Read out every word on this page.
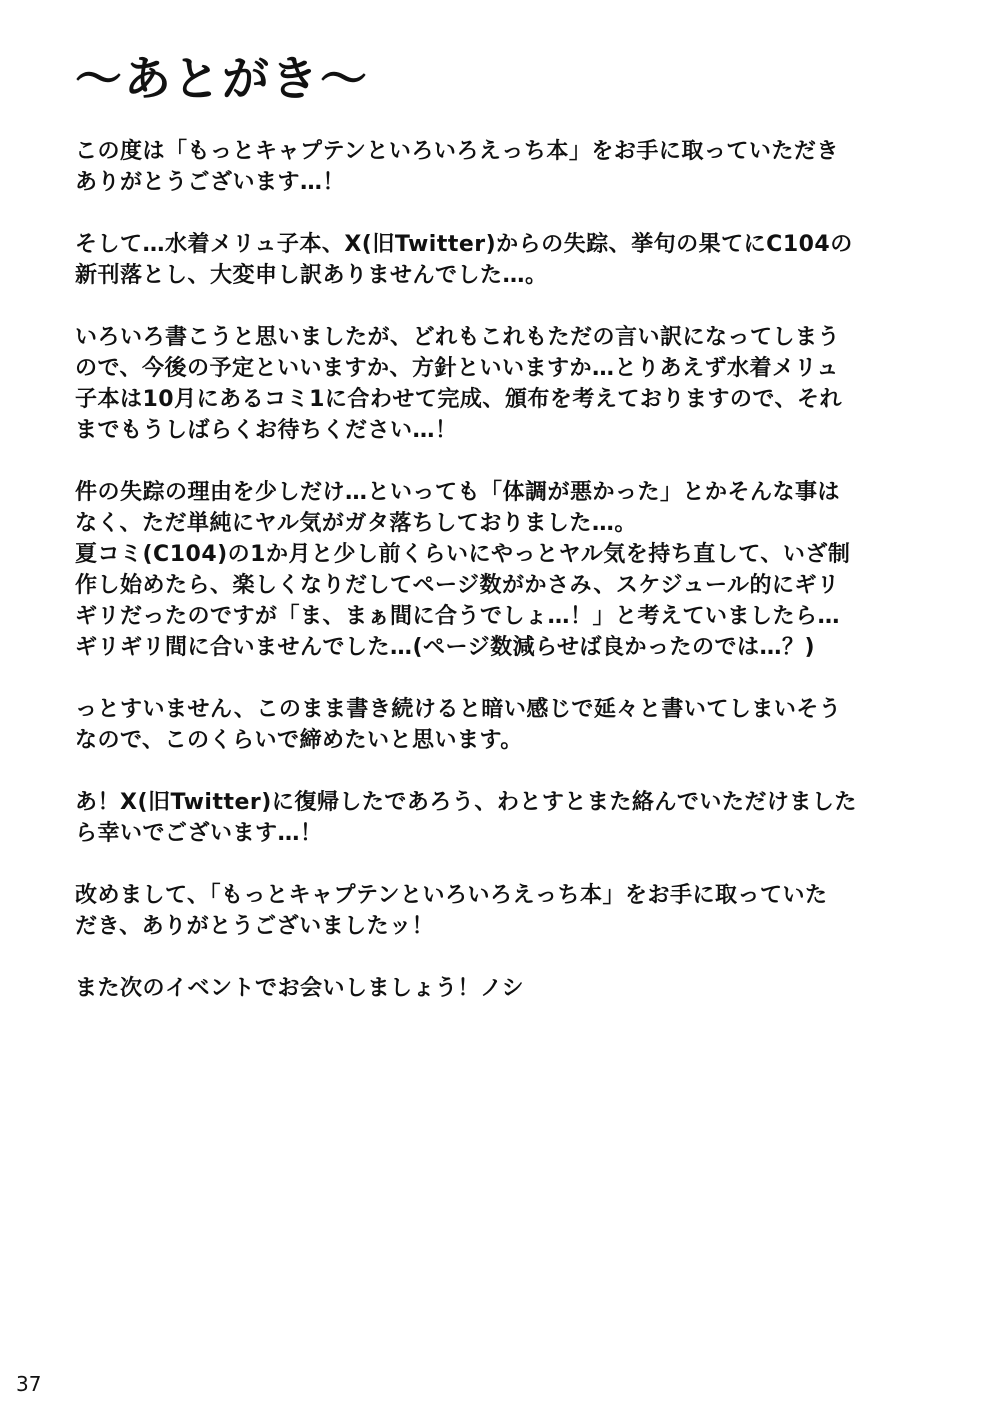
～あとがき～
この度は「もっとキャプテンといろいろえっち本」をお手に取っていただき
ありがとうございます…！
そして…水着メリュ子本、X(旧Twitter)からの失踪、挙句の果てにC104の
新刊落とし、大変申し訳ありませんでした…。
いろいろ書こうと思いましたが、どれもこれもただの言い訳になってしまう
ので、今後の予定といいますか、方針といいますか…とりあえず水着メリュ
子本は10月にあるコミ1に合わせて完成、頒布を考えておりますので、それ
までもうしばらくお待ちください…！
件の失踪の理由を少しだけ…といっても「体調が悪かった」とかそんな事は
なく、ただ単純にヤル気がガタ落ちしておりました…。
夏コミ(C104)の1か月と少し前くらいにやっとヤル気を持ち直して、いざ制
作し始めたら、楽しくなりだしてページ数がかさみ、スケジュール的にギリ
ギリだったのですが「ま、まぁ間に合うでしょ…！」と考えていましたら…
ギリギリ間に合いませんでした…(ページ数減らせば良かったのでは…？)
っとすいません、このまま書き続けると暗い感じで延々と書いてしまいそう
なので、このくらいで締めたいと思います。
あ！X(旧Twitter)に復帰したであろう、わとすとまた絡んでいただけました
ら幸いでございます…！
改めまして、「もっとキャプテンといろいろえっち本」をお手に取っていた
だき、ありがとうございましたッ！
また次のイベントでお会いしましょう！ノシ
37
